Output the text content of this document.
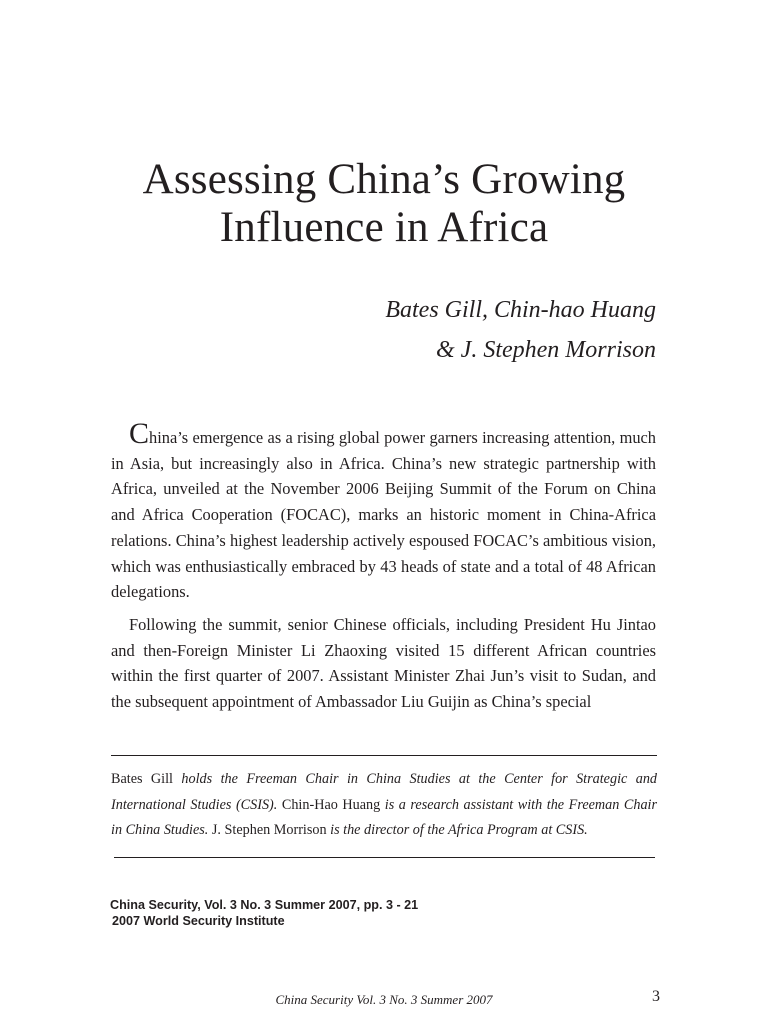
Assessing China’s Growing
Influence in Africa
Bates Gill, Chin-hao Huang
& J. Stephen Morrison

China’s emergence as a rising global power garners increasing attention, much in Asia, but increasingly also in Africa. China’s new strategic partnership with Africa, unveiled at the November 2006 Beijing Summit of the Forum on China and Africa Cooperation (FOCAC), marks an historic moment in China-Africa relations. China’s highest leadership actively espoused FOCAC’s ambitious vision, which was enthusiastically embraced by 43 heads of state and a total of 48 African delegations.

Following the summit, senior Chinese officials, including President Hu Jintao and then-Foreign Minister Li Zhaoxing visited 15 different African countries within the first quarter of 2007. Assistant Minister Zhai Jun’s visit to Sudan, and the subsequent appointment of Ambassador Liu Guijin as China’s special

Bates Gill holds the Freeman Chair in China Studies at the Center for Strategic and International Studies (CSIS). Chin-Hao Huang is a research assistant with the Freeman Chair in China Studies. J. Stephen Morrison is the director of the Africa Program at CSIS.
China Security, Vol. 3 No. 3 Summer 2007, pp. 3 - 21
2007 World Security Institute
China Security Vol. 3 No. 3 Summer 2007	3
